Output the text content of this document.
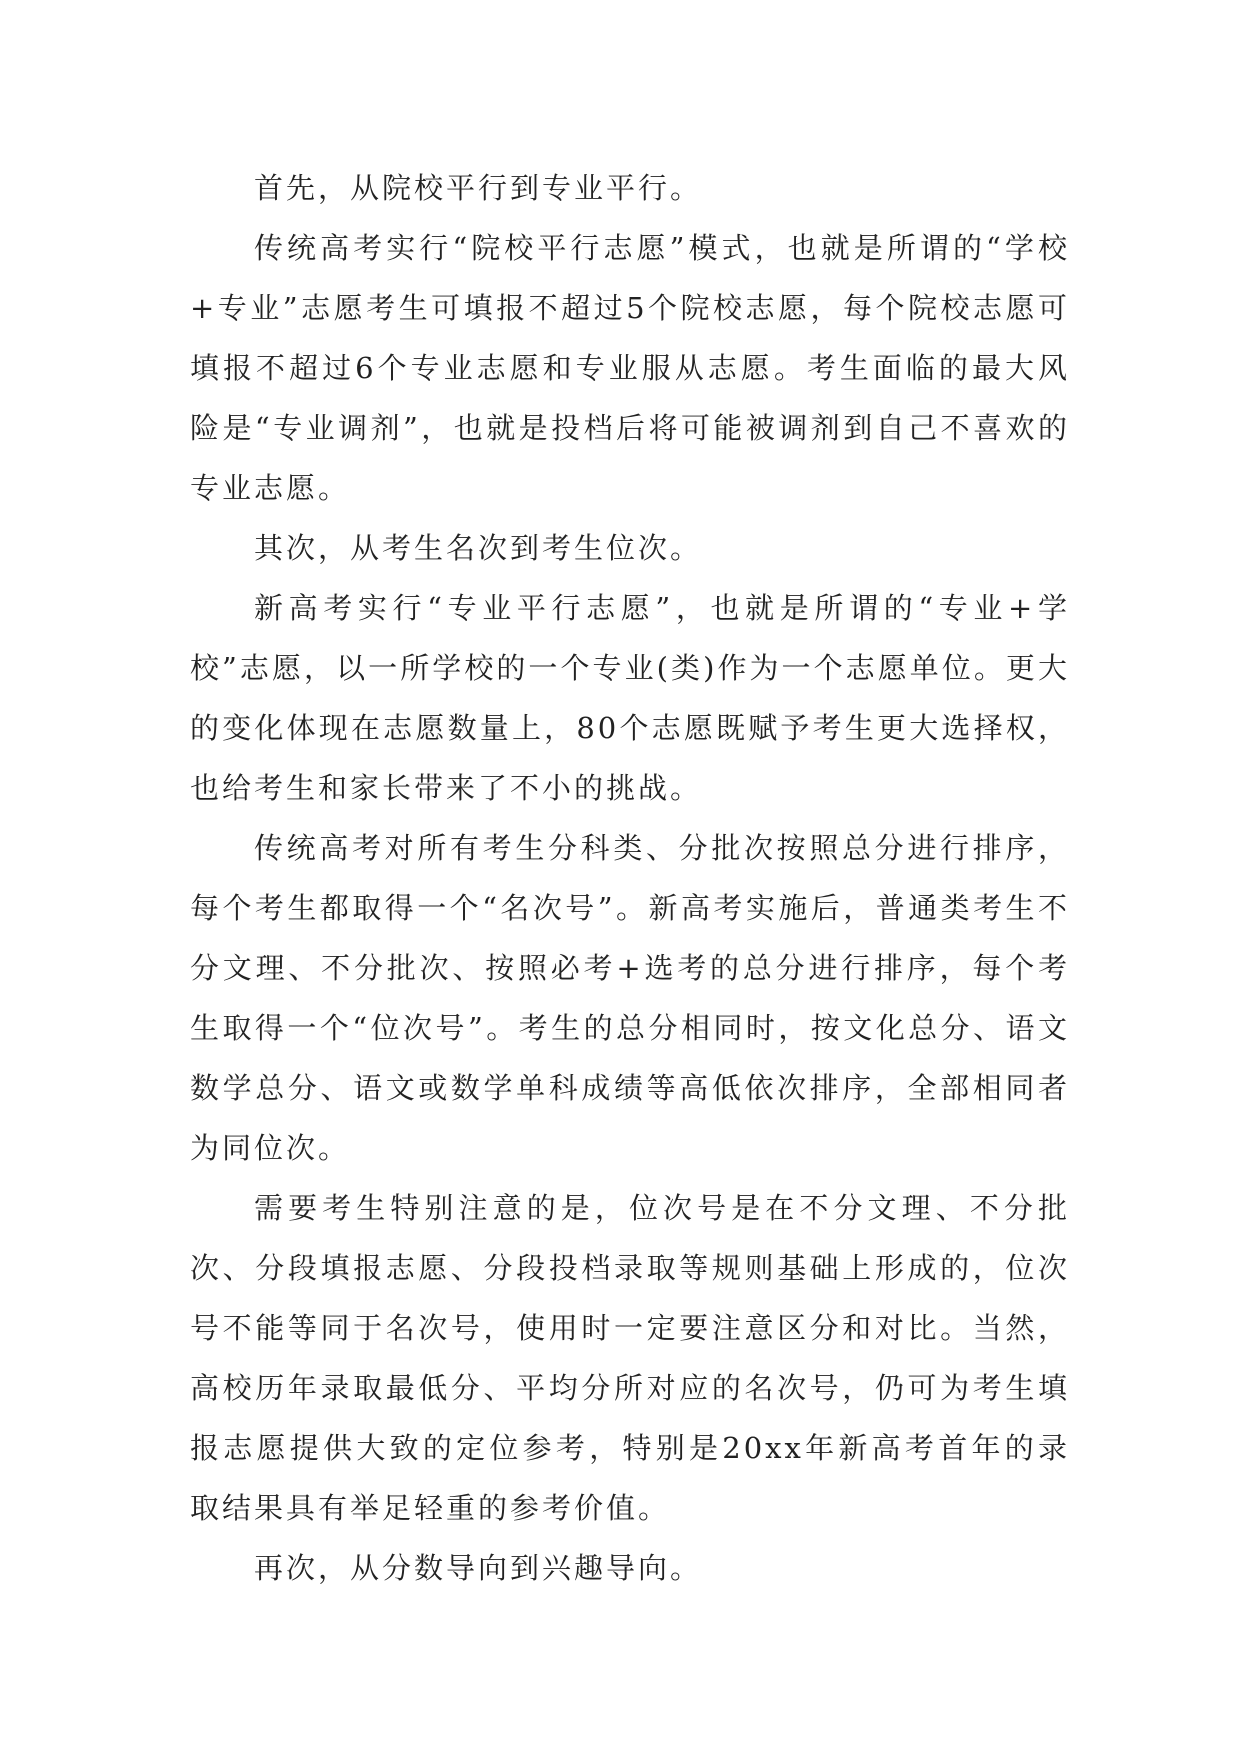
首先，从院校平行到专业平行。

传统高考实行“院校平行志愿”模式，也就是所谓的“学校+专业”志愿考生可填报不超过5个院校志愿，每个院校志愿可填报不超过6个专业志愿和专业服从志愿。考生面临的最大风险是“专业调剂”，也就是投档后将可能被调剂到自己不喜欢的专业志愿。

其次，从考生名次到考生位次。

新高考实行“专业平行志愿”，也就是所谓的“专业+学校”志愿，以一所学校的一个专业(类)作为一个志愿单位。更大的变化体现在志愿数量上，80个志愿既赋予考生更大选择权，也给考生和家长带来了不小的挑战。

传统高考对所有考生分科类、分批次按照总分进行排序，每个考生都取得一个“名次号”。新高考实施后，普通类考生不分文理、不分批次、按照必考+选考的总分进行排序，每个考生取得一个“位次号”。考生的总分相同时，按文化总分、语文数学总分、语文或数学单科成绩等高低依次排序，全部相同者为同位次。

需要考生特别注意的是，位次号是在不分文理、不分批次、分段填报志愿、分段投档录取等规则基础上形成的，位次号不能等同于名次号，使用时一定要注意区分和对比。当然，高校历年录取最低分、平均分所对应的名次号，仍可为考生填报志愿提供大致的定位参考，特别是20xx年新高考首年的录取结果具有举足轻重的参考价值。

再次，从分数导向到兴趣导向。
